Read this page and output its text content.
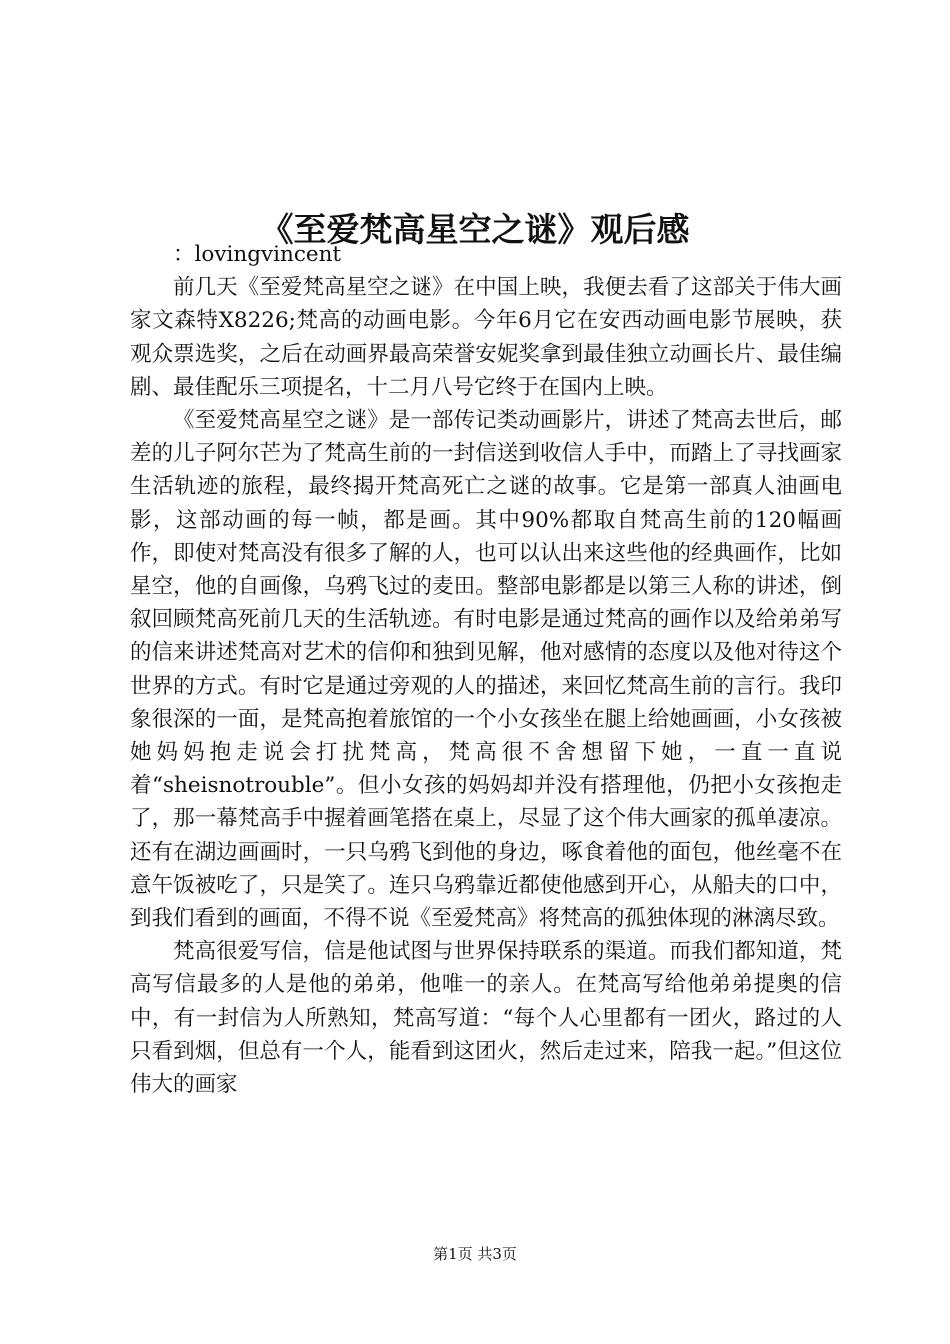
《至爱梵高星空之谜》观后感

：lovingvincent

前几天《至爱梵高星空之谜》在中国上映，我便去看了这部关于伟大画家文森特X8226;梵高的动画电影。今年6月它在安西动画电影节展映，获观众票选奖，之后在动画界最高荣誉安妮奖拿到最佳独立动画长片、最佳编剧、最佳配乐三项提名，十二月八号它终于在国内上映。

《至爱梵高星空之谜》是一部传记类动画影片，讲述了梵高去世后，邮差的儿子阿尔芒为了梵高生前的一封信送到收信人手中，而踏上了寻找画家生活轨迹的旅程，最终揭开梵高死亡之谜的故事。它是第一部真人油画电影，这部动画的每一帧，都是画。其中90%都取自梵高生前的120幅画作，即使对梵高没有很多了解的人，也可以认出来这些他的经典画作，比如星空，他的自画像，乌鸦飞过的麦田。整部电影都是以第三人称的讲述，倒叙回顾梵高死前几天的生活轨迹。有时电影是通过梵高的画作以及给弟弟写的信来讲述梵高对艺术的信仰和独到见解，他对感情的态度以及他对待这个世界的方式。有时它是通过旁观的人的描述，来回忆梵高生前的言行。我印象很深的一面，是梵高抱着旅馆的一个小女孩坐在腿上给她画画，小女孩被她妈妈抱走说会打扰梵高，梵高很不舍想留下她，一直一直说着“sheisnotrouble”。但小女孩的妈妈却并没有搭理他，仍把小女孩抱走了，那一幕梵高手中握着画笔搭在桌上，尽显了这个伟大画家的孤单凄凉。还有在湖边画画时，一只乌鸦飞到他的身边，啄食着他的面包，他丝毫不在意午饭被吃了，只是笑了。连只乌鸦靠近都使他感到开心，从船夫的口中，到我们看到的画面，不得不说《至爱梵高》将梵高的孤独体现的淋漓尽致。

梵高很爱写信，信是他试图与世界保持联系的渠道。而我们都知道，梵高写信最多的人是他的弟弟，他唯一的亲人。在梵高写给他弟弟提奥的信中，有一封信为人所熟知，梵高写道：“每个人心里都有一团火，路过的人只看到烟，但总有一个人，能看到这团火，然后走过来，陪我一起。”但这位伟大的画家

第1页 共3页
